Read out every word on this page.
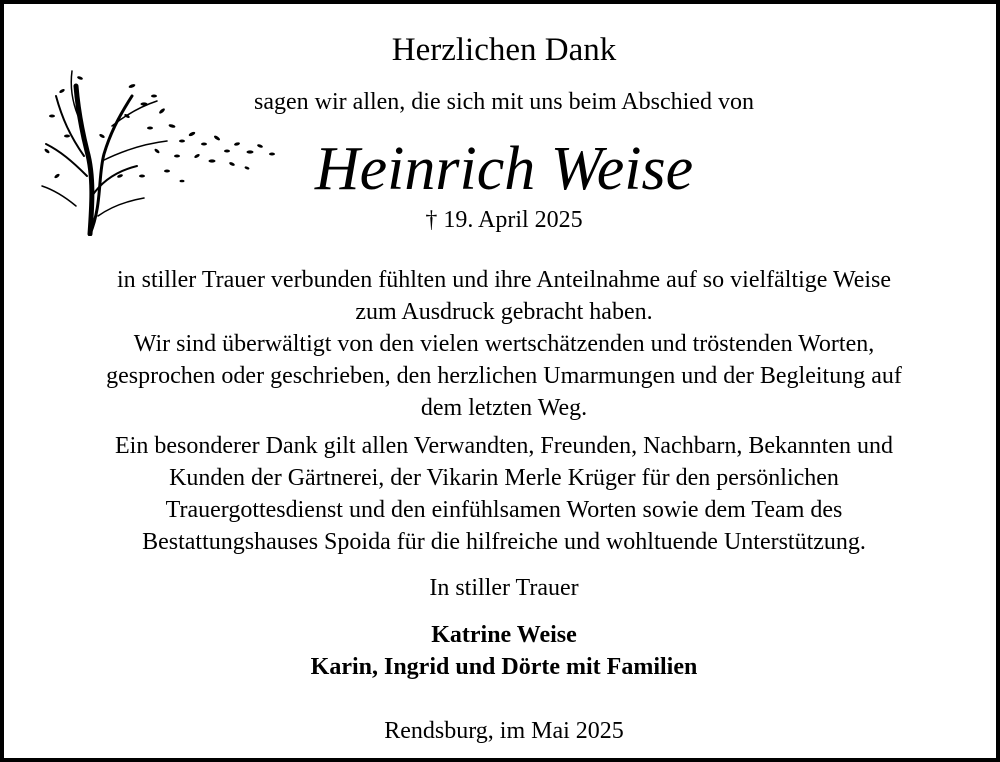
Herzlichen Dank
sagen wir allen, die sich mit uns beim Abschied von
Heinrich Weise
† 19. April 2025
in stiller Trauer verbunden fühlten und ihre Anteilnahme auf so vielfältige Weise
zum Ausdruck gebracht haben.
Wir sind überwältigt von den vielen wertschätzenden und tröstenden Worten,
gesprochen oder geschrieben, den herzlichen Umarmungen und der Begleitung auf
dem letzten Weg.
Ein besonderer Dank gilt allen Verwandten, Freunden, Nachbarn, Bekannten und
Kunden der Gärtnerei, der Vikarin Merle Krüger für den persönlichen
Trauergottesdienst und den einfühlsamen Worten sowie dem Team des
Bestattungshauses Spoida für die hilfreiche und wohltuende Unterstützung.
In stiller Trauer
Katrine Weise
Karin, Ingrid und Dörte mit Familien
Rendsburg, im Mai 2025
